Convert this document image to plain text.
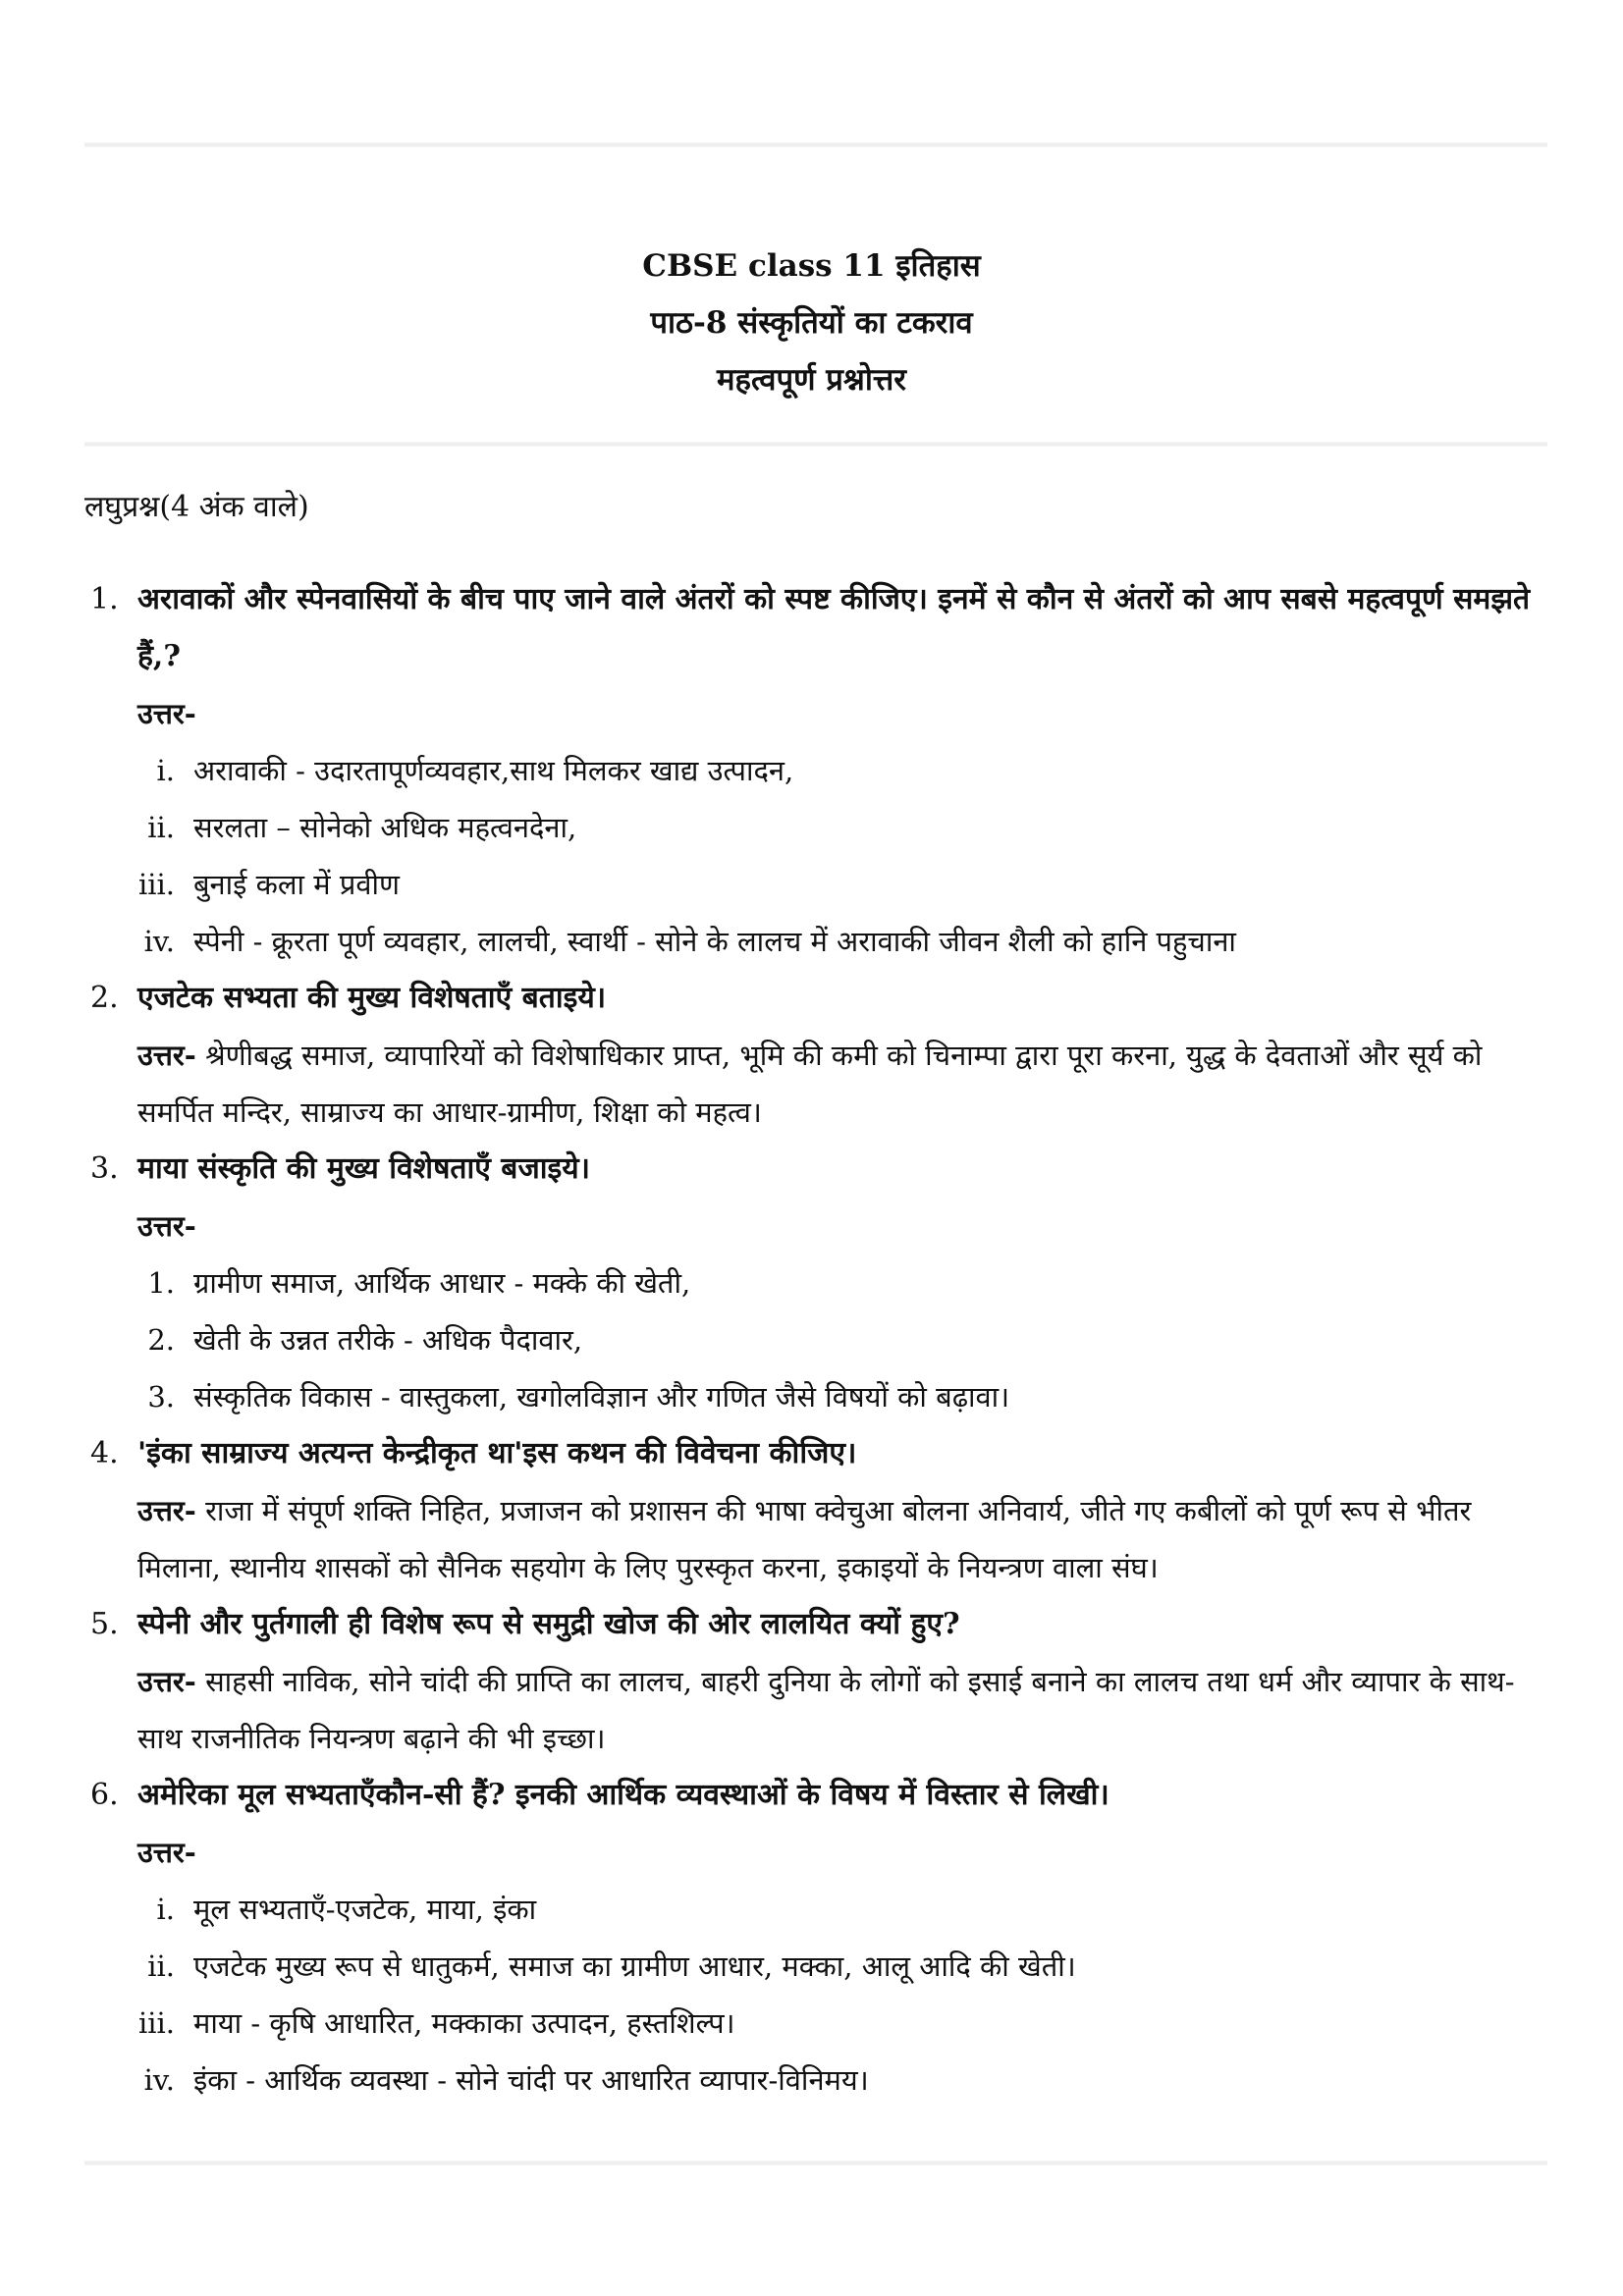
CBSE class 11 इतिहास
पाठ-8 संस्कृतियों का टकराव
महत्वपूर्ण प्रश्नोत्तर
लघुप्रश्न(4 अंक वाले)
1. अरावाकों और स्पेनवासियों के बीच पाए जाने वाले अंतरों को स्पष्ट कीजिए। इनमें से कौन से अंतरों को आप सबसे महत्वपूर्ण समझते हैं,?
उत्तर-
i. अरावाकी - उदारतापूर्णव्यवहार,साथ मिलकर खाद्य उत्पादन,
ii. सरलता – सोनेको अधिक महत्वनदेना,
iii. बुनाई कला में प्रवीण
iv. स्पेनी - क्रूरता पूर्ण व्यवहार, लालची, स्वार्थी - सोने के लालच में अरावाकी जीवन शैली को हानि पहुचाना
2. एजटेक सभ्यता की मुख्य विशेषताएँ बताइये।
उत्तर- श्रेणीबद्ध समाज, व्यापारियों को विशेषाधिकार प्राप्त, भूमि की कमी को चिनाम्पा द्वारा पूरा करना, युद्ध के देवताओं और सूर्य को समर्पित मन्दिर, साम्राज्य का आधार-ग्रामीण, शिक्षा को महत्व।
3. माया संस्कृति की मुख्य विशेषताएँ बजाइये।
उत्तर-
1. ग्रामीण समाज, आर्थिक आधार - मक्के की खेती,
2. खेती के उन्नत तरीके - अधिक पैदावार,
3. संस्कृतिक विकास - वास्तुकला, खगोलविज्ञान और गणित जैसे विषयों को बढ़ावा।
4. 'इंका साम्राज्य अत्यन्त केन्द्रीकृत था'इस कथन की विवेचना कीजिए।
उत्तर- राजा में संपूर्ण शक्ति निहित, प्रजाजन को प्रशासन की भाषा क्वेचुआ बोलना अनिवार्य, जीते गए कबीलों को पूर्ण रूप से भीतर मिलाना, स्थानीय शासकों को सैनिक सहयोग के लिए पुरस्कृत करना, इकाइयों के नियन्त्रण वाला संघ।
5. स्पेनी और पुर्तगाली ही विशेष रूप से समुद्री खोज की ओर लालयित क्यों हुए?
उत्तर- साहसी नाविक, सोने चांदी की प्राप्ति का लालच, बाहरी दुनिया के लोगों को इसाई बनाने का लालच तथा धर्म और व्यापार के साथ-साथ राजनीतिक नियन्त्रण बढ़ाने की भी इच्छा।
6. अमेरिका मूल सभ्यताएँकौन-सी हैं? इनकी आर्थिक व्यवस्थाओं के विषय में विस्तार से लिखी।
उत्तर-
i. मूल सभ्यताएँ-एजटेक, माया, इंका
ii. एजटेक मुख्य रूप से धातुकर्म, समाज का ग्रामीण आधार, मक्का, आलू आदि की खेती।
iii. माया - कृषि आधारित, मक्काका उत्पादन, हस्तशिल्प।
iv. इंका - आर्थिक व्यवस्था - सोने चांदी पर आधारित व्यापार-विनिमय।
